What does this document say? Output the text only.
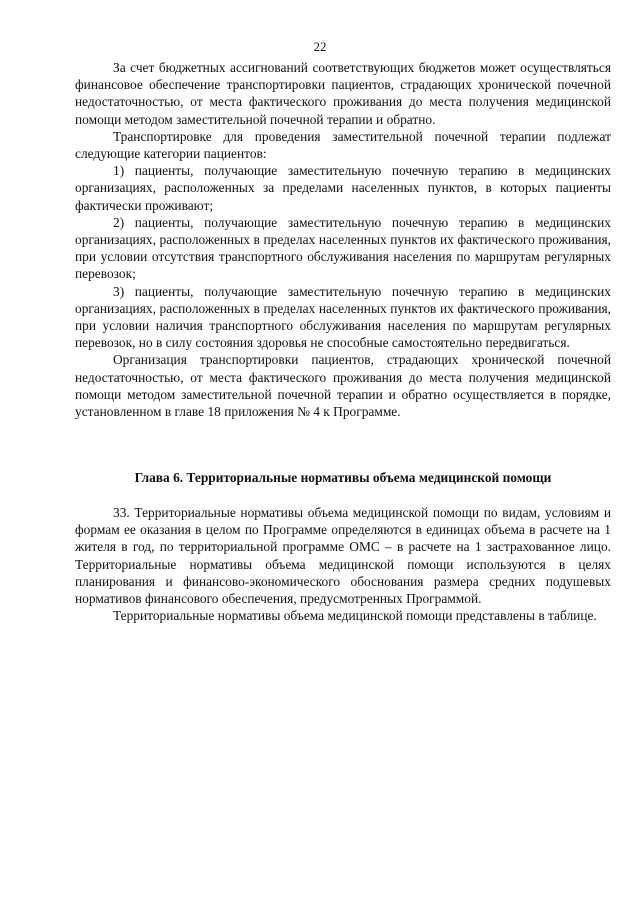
22

За счет бюджетных ассигнований соответствующих бюджетов может осуществляться финансовое обеспечение транспортировки пациентов, страдающих хронической почечной недостаточностью, от места фактического проживания до места получения медицинской помощи методом заместительной почечной терапии и обратно.

Транспортировке для проведения заместительной почечной терапии подлежат следующие категории пациентов:

1) пациенты, получающие заместительную почечную терапию в медицинских организациях, расположенных за пределами населенных пунктов, в которых пациенты фактически проживают;

2) пациенты, получающие заместительную почечную терапию в медицинских организациях, расположенных в пределах населенных пунктов их фактического проживания, при условии отсутствия транспортного обслуживания населения по маршрутам регулярных перевозок;

3) пациенты, получающие заместительную почечную терапию в медицинских организациях, расположенных в пределах населенных пунктов их фактического проживания, при условии наличия транспортного обслуживания населения по маршрутам регулярных перевозок, но в силу состояния здоровья не способные самостоятельно передвигаться.

Организация транспортировки пациентов, страдающих хронической почечной недостаточностью, от места фактического проживания до места получения медицинской помощи методом заместительной почечной терапии и обратно осуществляется в порядке, установленном в главе 18 приложения № 4 к Программе.

Глава 6. Территориальные нормативы объема медицинской помощи

33. Территориальные нормативы объема медицинской помощи по видам, условиям и формам ее оказания в целом по Программе определяются в единицах объема в расчете на 1 жителя в год, по территориальной программе ОМС – в расчете на 1 застрахованное лицо. Территориальные нормативы объема медицинской помощи используются в целях планирования и финансово-экономического обоснования размера средних подушевых нормативов финансового обеспечения, предусмотренных Программой.

Территориальные нормативы объема медицинской помощи представлены в таблице.
